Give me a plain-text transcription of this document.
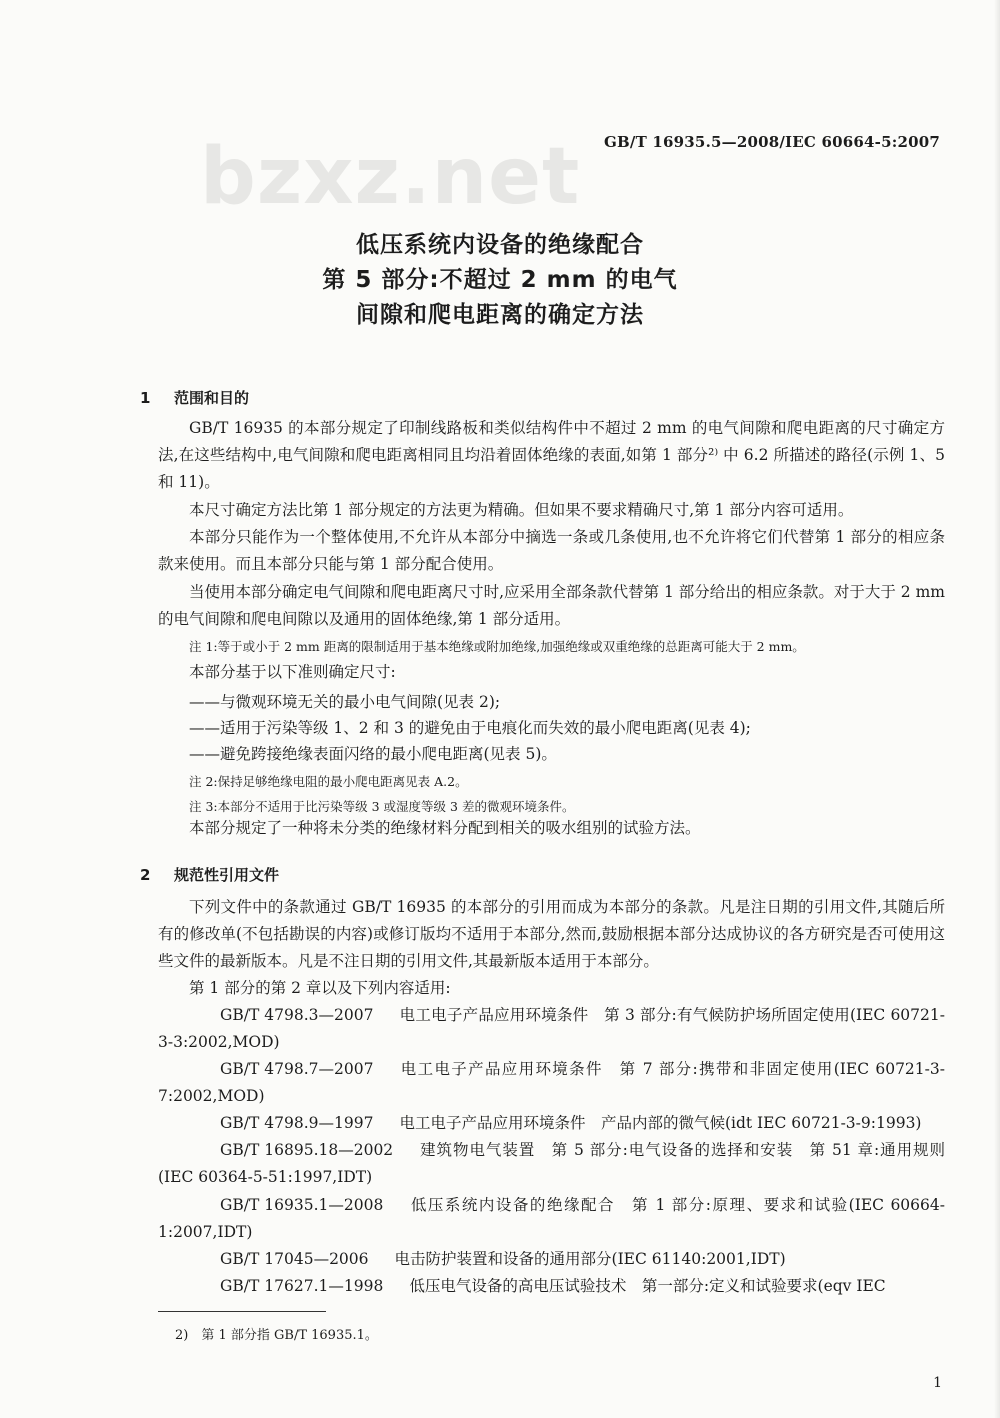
bzxz.net GB/T 16935.5—2008/IEC 60664-5:2007
低压系统内设备的绝缘配合
第 5 部分:不超过 2 mm 的电气
间隙和爬电距离的确定方法
1 范围和目的
GB/T 16935 的本部分规定了印制线路板和类似结构件中不超过 2 mm 的电气间隙和爬电距离的尺寸确定方法,在这些结构中,电气间隙和爬电距离相同且均沿着固体绝缘的表面,如第 1 部分²⁾ 中 6.2 所描述的路径(示例 1、5 和 11)。
本尺寸确定方法比第 1 部分规定的方法更为精确。但如果不要求精确尺寸,第 1 部分内容可适用。
本部分只能作为一个整体使用,不允许从本部分中摘选一条或几条使用,也不允许将它们代替第 1 部分的相应条款来使用。而且本部分只能与第 1 部分配合使用。
当使用本部分确定电气间隙和爬电距离尺寸时,应采用全部条款代替第 1 部分给出的相应条款。对于大于 2 mm 的电气间隙和爬电间隙以及通用的固体绝缘,第 1 部分适用。
注 1:等于或小于 2 mm 距离的限制适用于基本绝缘或附加绝缘,加强绝缘或双重绝缘的总距离可能大于 2 mm。
本部分基于以下准则确定尺寸:
——与微观环境无关的最小电气间隙(见表 2);
——适用于污染等级 1、2 和 3 的避免由于电痕化而失效的最小爬电距离(见表 4);
——避免跨接绝缘表面闪络的最小爬电距离(见表 5)。
注 2:保持足够绝缘电阻的最小爬电距离见表 A.2。
注 3:本部分不适用于比污染等级 3 或湿度等级 3 差的微观环境条件。
本部分规定了一种将未分类的绝缘材料分配到相关的吸水组别的试验方法。
2 规范性引用文件
下列文件中的条款通过 GB/T 16935 的本部分的引用而成为本部分的条款。凡是注日期的引用文件,其随后所有的修改单(不包括勘误的内容)或修订版均不适用于本部分,然而,鼓励根据本部分达成协议的各方研究是否可使用这些文件的最新版本。凡是不注日期的引用文件,其最新版本适用于本部分。
第 1 部分的第 2 章以及下列内容适用:
GB/T 4798.3—2007 电工电子产品应用环境条件　第 3 部分:有气候防护场所固定使用(IEC 60721-3-3:2002,MOD)
GB/T 4798.7—2007 电工电子产品应用环境条件　第 7 部分:携带和非固定使用(IEC 60721-3-7:2002,MOD)
GB/T 4798.9—1997 电工电子产品应用环境条件　产品内部的微气候(idt IEC 60721-3-9:1993)
GB/T 16895.18—2002 建筑物电气装置　第 5 部分:电气设备的选择和安装　第 51 章:通用规则(IEC 60364-5-51:1997,IDT)
GB/T 16935.1—2008 低压系统内设备的绝缘配合　第 1 部分:原理、要求和试验(IEC 60664-1:2007,IDT)
GB/T 17045—2006 电击防护装置和设备的通用部分(IEC 61140:2001,IDT)
GB/T 17627.1—1998 低压电气设备的高电压试验技术　第一部分:定义和试验要求(eqv IEC
2)　第 1 部分指 GB/T 16935.1。
1
